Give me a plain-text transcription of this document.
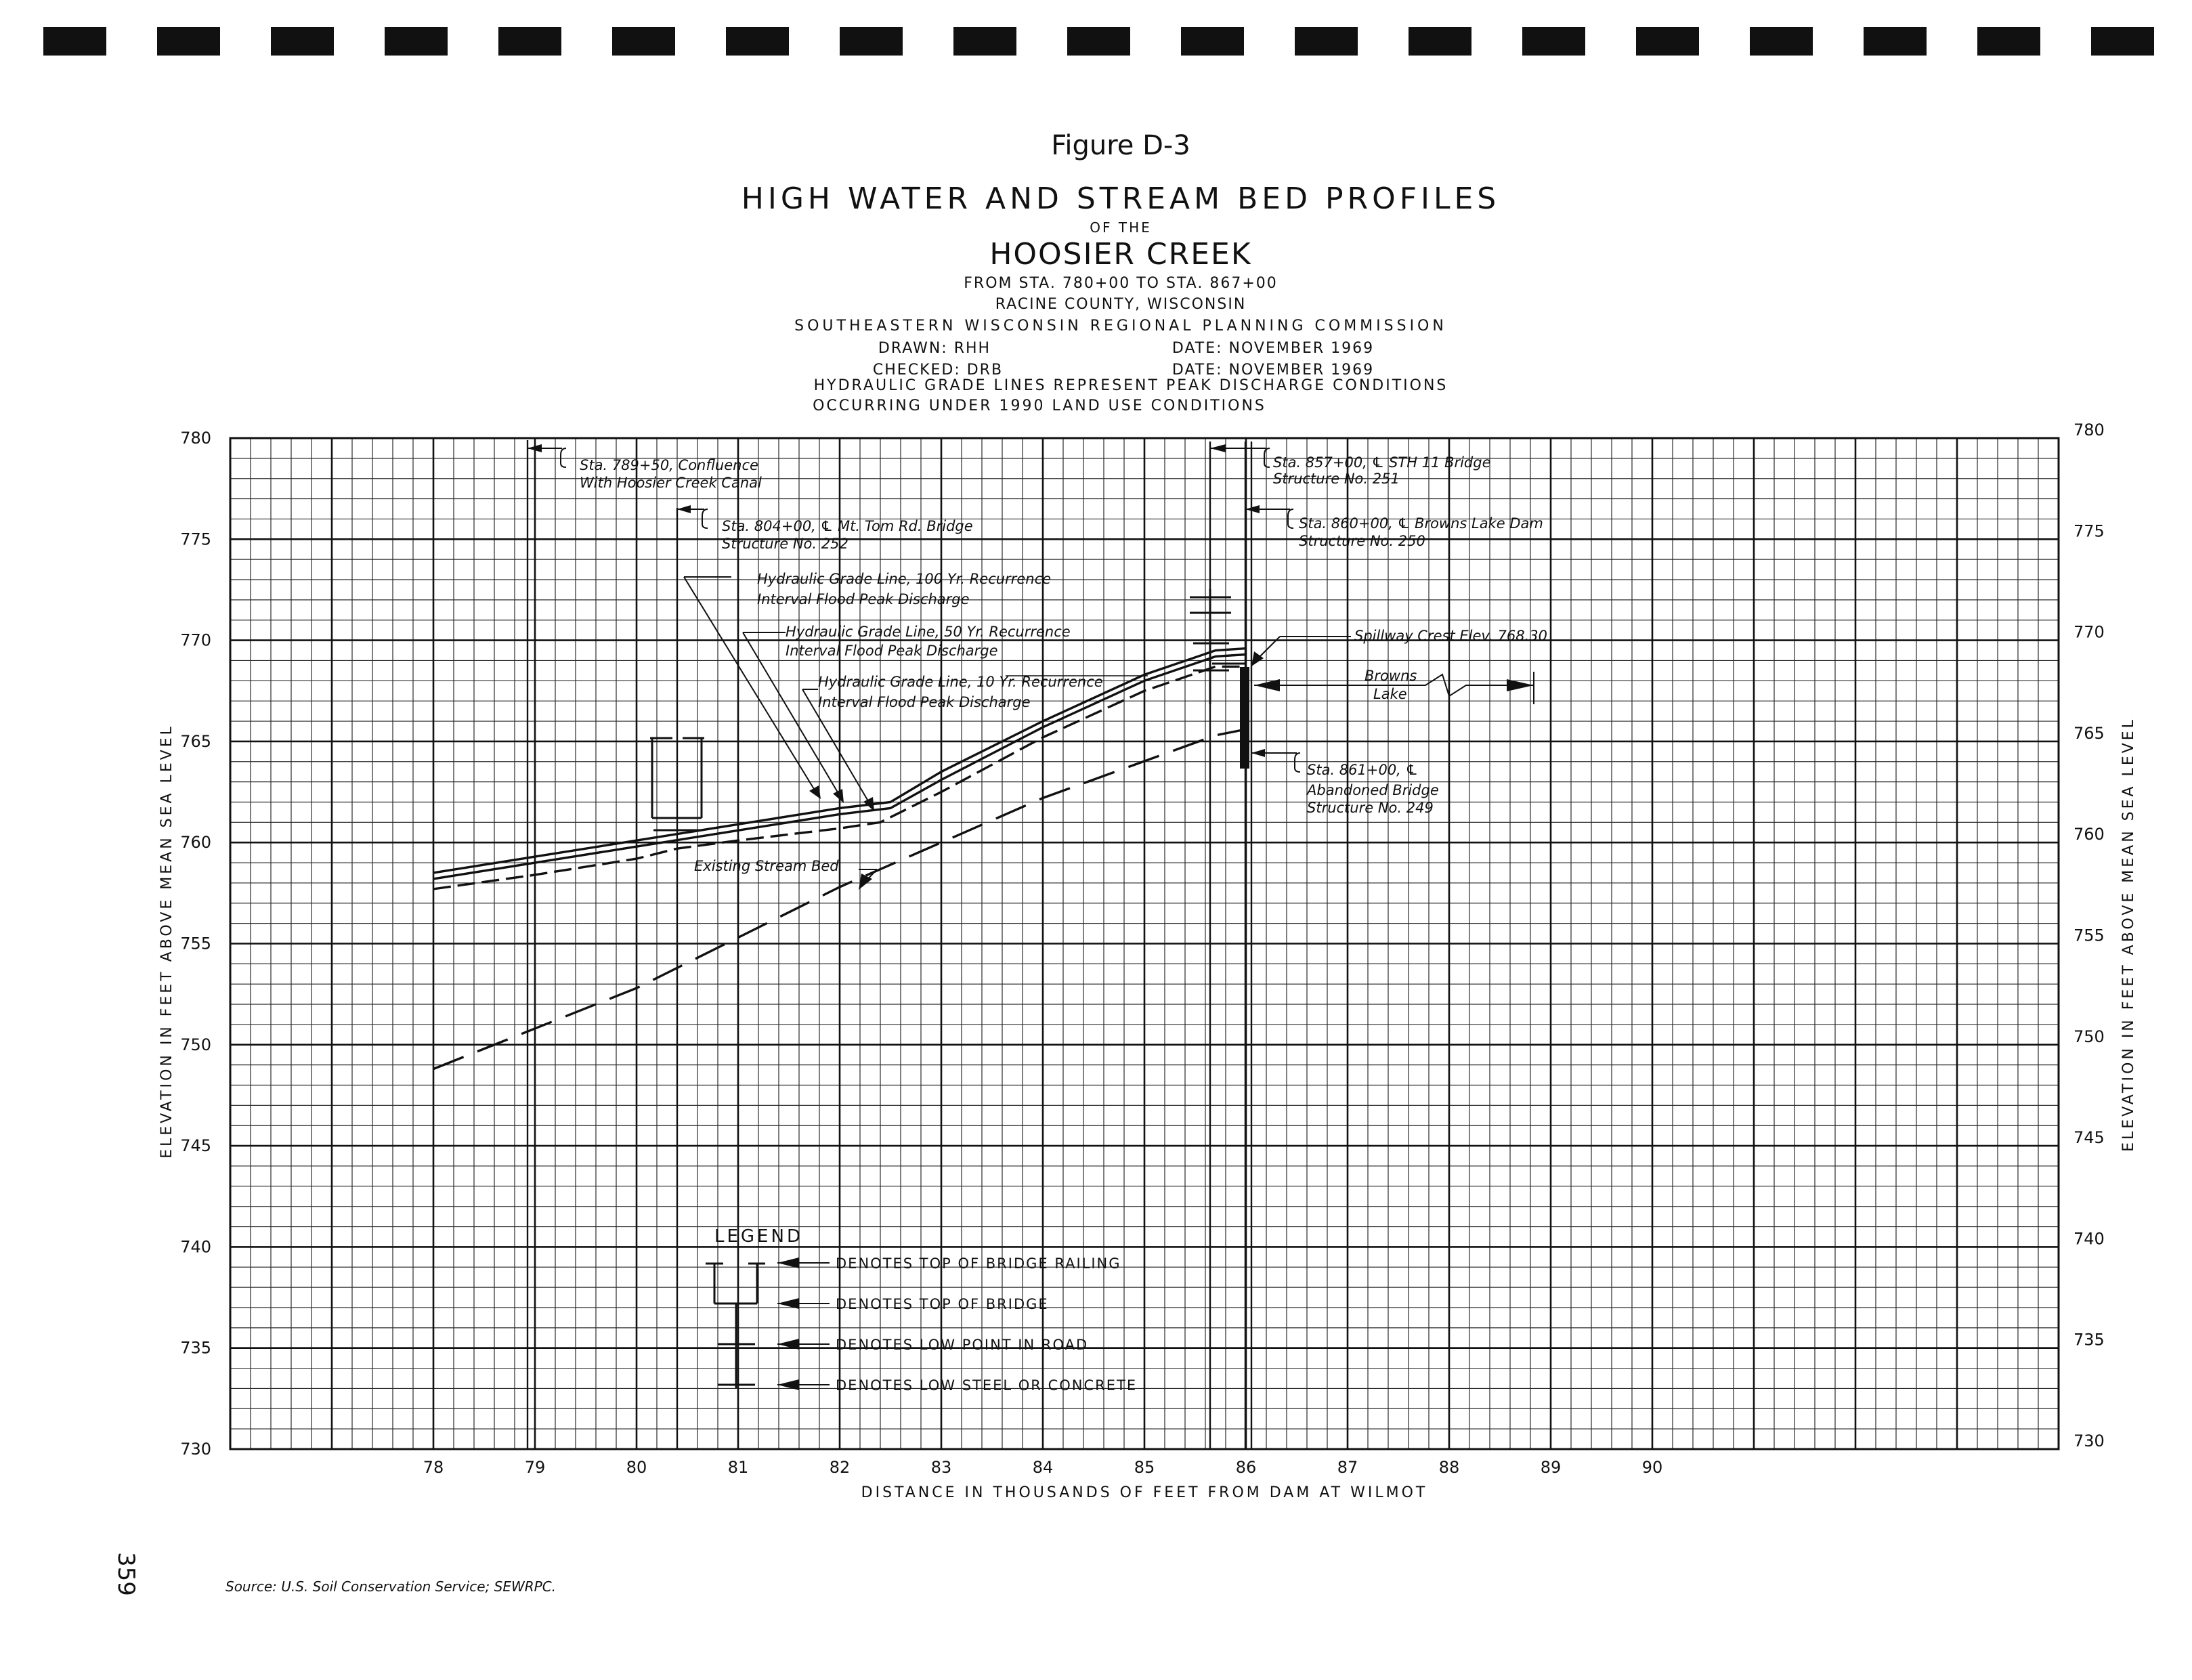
Figure D-3
HIGH WATER AND STREAM BED PROFILES
OF THE
HOOSIER CREEK
FROM STA. 780+00 TO STA. 867+00
RACINE COUNTY, WISCONSIN
SOUTHEASTERN WISCONSIN REGIONAL PLANNING COMMISSION
DRAWN: RHH	DATE: NOVEMBER 1969
CHECKED: DRB	DATE: NOVEMBER 1969
HYDRAULIC GRADE LINES REPRESENT PEAK DISCHARGE CONDITIONS
OCCURRING UNDER 1990 LAND USE CONDITIONS
730
735
740
745
750
755
760
765
770
775
780
730
735
740
745
750
755
760
765
770
775
780
78	79	80	81	82	83	84	85	86	87	88	89	90
DISTANCE IN THOUSANDS OF FEET FROM DAM AT WILMOT
ELEVATION IN FEET ABOVE MEAN SEA LEVEL	ELEVATION IN FEET ABOVE MEAN SEA LEVEL
Sta. 789+50, Confluence
With Hoosier Creek Canal
Sta. 804+00, ℄ Mt. Tom Rd. Bridge
Structure No. 252
Hydraulic Grade Line, 100 Yr. Recurrence
Interval Flood Peak Discharge
Hydraulic Grade Line, 50 Yr. Recurrence
Interval Flood Peak Discharge
Hydraulic Grade Line, 10 Yr. Recurrence
Interval Flood Peak Discharge
Sta. 857+00, ℄ STH 11 Bridge
Structure No. 251
Sta. 860+00, ℄ Browns Lake Dam
Structure No. 250
Spillway Crest Elev. 768.30
Browns
Lake
Sta. 861+00, ℄
Abandoned Bridge
Structure No. 249
Existing Stream Bed
LEGEND
DENOTES TOP OF BRIDGE RAILING
DENOTES TOP OF BRIDGE
DENOTES LOW POINT IN ROAD
DENOTES LOW STEEL OR CONCRETE
359	Source: U.S. Soil Conservation Service; SEWRPC.
